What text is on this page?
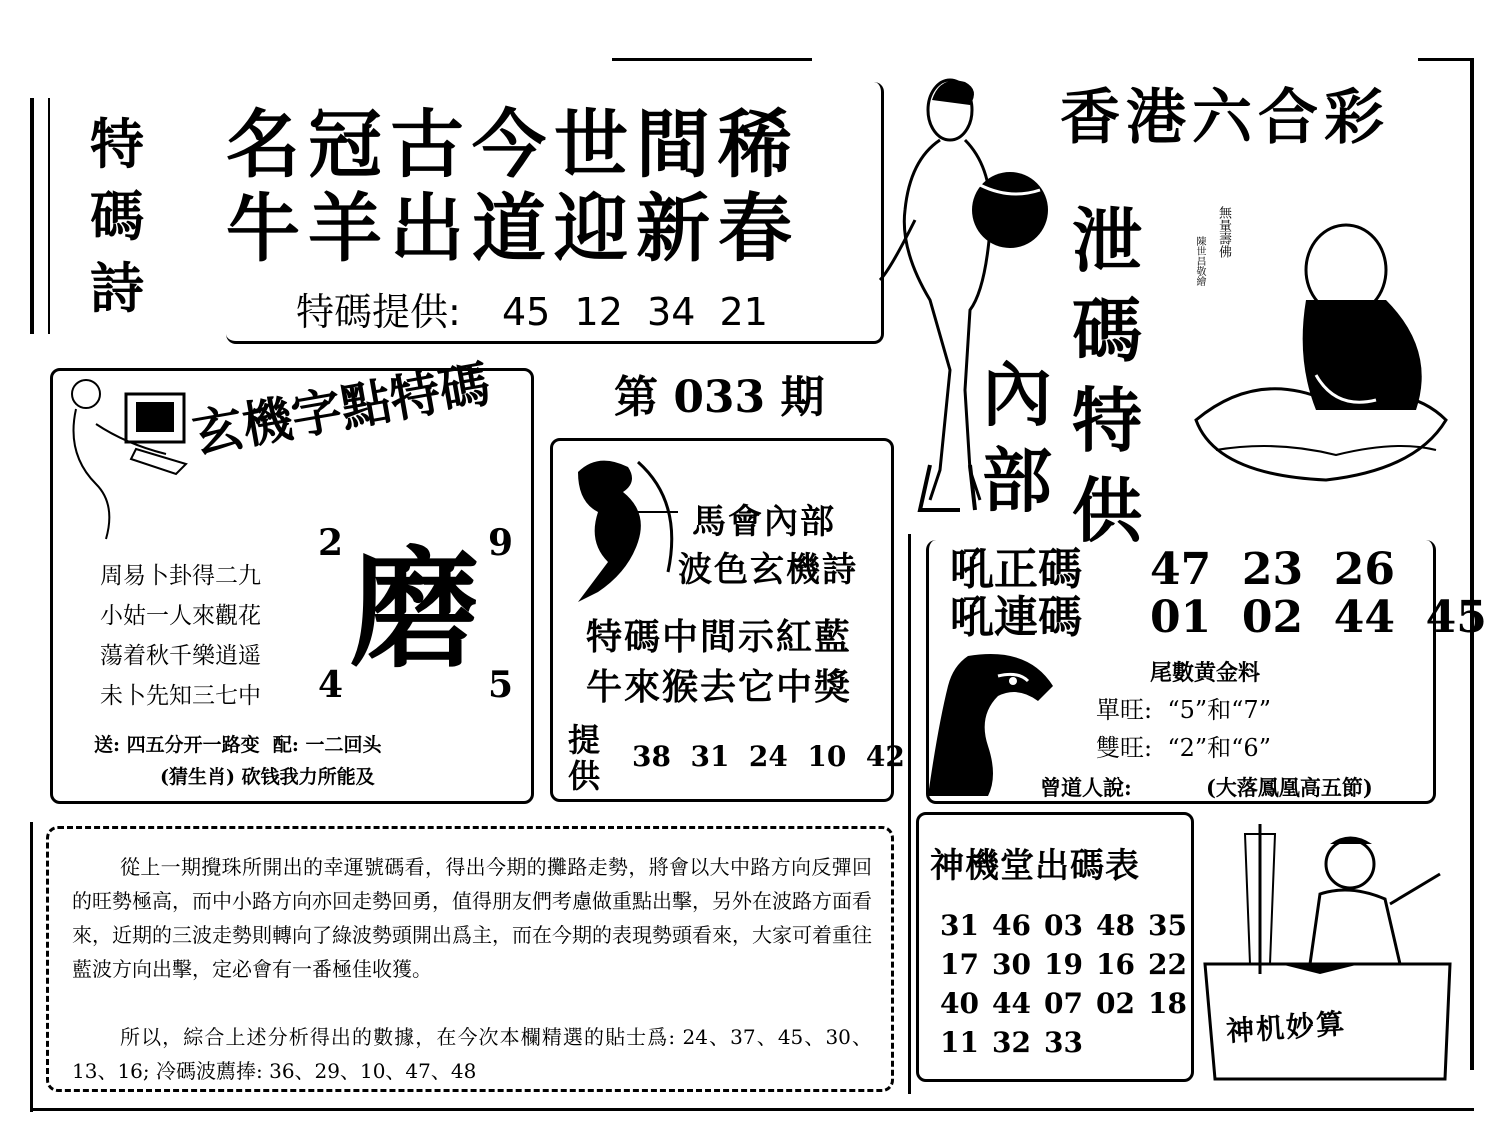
特
碼
詩
名冠古今世間稀
牛羊出道迎新春
特碼提供: 45  12  34  21
香港六合彩
泄
碼
特
供
內
部
無量壽佛
陳世昌敬繪
玄機字點特碼
周易卜卦得二九
小姑一人來觀花
蕩着秋千樂逍遥
未卜先知三七中
2	9
4	5
磨
送: 四五分开一路变  配: 一二回头
(猜生肖) 砍钱我力所能及
第 033 期
馬會內部
波色玄機詩
特碼中間示紅藍
牛來猴去它中獎
提
供
38  31  24  10  42
吼正碼 47  23  26
吼連碼 01  02  44  45
尾數黄金料
單旺:  “5”和“7”
雙旺:  “2”和“6”
曾道人說:	(大落鳳凰高五節)
神機堂出碼表
31 46 03 48 35
17 30 19 16 22
40 44 07 02 18
11 32 33	神机妙算
從上一期攪珠所開出的幸運號碼看，得出今期的攤路走勢，將會以大中路方向反彈回的旺勢極高，而中小路方向亦回走勢回勇，值得朋友們考慮做重點出擊，另外在波路方面看來，近期的三波走勢則轉向了綠波勢頭開出爲主，而在今期的表現勢頭看來，大家可着重往藍波方向出擊，定必會有一番極佳收獲。
所以，綜合上述分析得出的數據，在今次本欄精選的貼士爲: 24、37、45、30、13、16; 冷碼波薦捧: 36、29、10、47、48
